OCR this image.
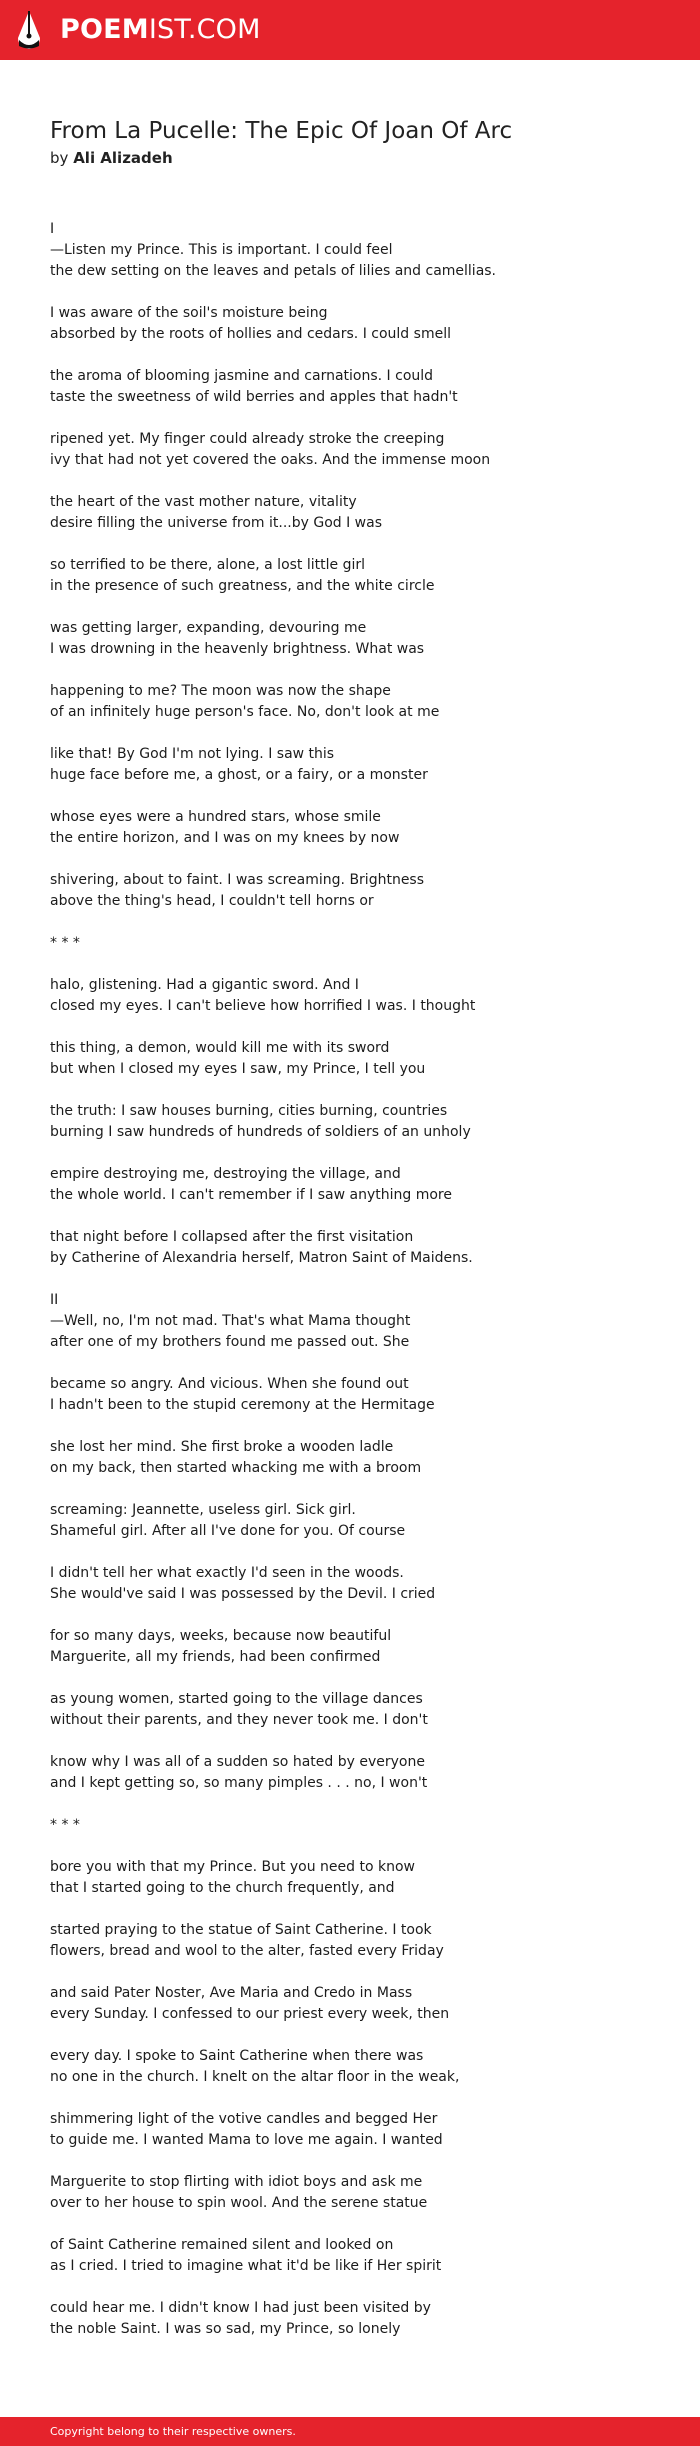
POEMIST.COM
From La Pucelle: The Epic Of Joan Of Arc
by Ali Alizadeh
I
—Listen my Prince. This is important. I could feel
the dew setting on the leaves and petals of lilies and camellias.
I was aware of the soil's moisture being
absorbed by the roots of hollies and cedars. I could smell
the aroma of blooming jasmine and carnations. I could
taste the sweetness of wild berries and apples that hadn't
ripened yet. My finger could already stroke the creeping
ivy that had not yet covered the oaks. And the immense moon
the heart of the vast mother nature, vitality
desire filling the universe from it...by God I was
so terrified to be there, alone, a lost little girl
in the presence of such greatness, and the white circle
was getting larger, expanding, devouring me
I was drowning in the heavenly brightness. What was
happening to me? The moon was now the shape
of an infinitely huge person's face. No, don't look at me
like that! By God I'm not lying. I saw this
huge face before me, a ghost, or a fairy, or a monster
whose eyes were a hundred stars, whose smile
the entire horizon, and I was on my knees by now
shivering, about to faint. I was screaming. Brightness
above the thing's head, I couldn't tell horns or
* * *
halo, glistening. Had a gigantic sword. And I
closed my eyes. I can't believe how horrified I was. I thought
this thing, a demon, would kill me with its sword
but when I closed my eyes I saw, my Prince, I tell you
the truth: I saw houses burning, cities burning, countries
burning I saw hundreds of hundreds of soldiers of an unholy
empire destroying me, destroying the village, and
the whole world. I can't remember if I saw anything more
that night before I collapsed after the first visitation
by Catherine of Alexandria herself, Matron Saint of Maidens.
II
—Well, no, I'm not mad. That's what Mama thought
after one of my brothers found me passed out. She
became so angry. And vicious. When she found out
I hadn't been to the stupid ceremony at the Hermitage
she lost her mind. She first broke a wooden ladle
on my back, then started whacking me with a broom
screaming: Jeannette, useless girl. Sick girl.
Shameful girl. After all I've done for you. Of course
I didn't tell her what exactly I'd seen in the woods.
She would've said I was possessed by the Devil. I cried
for so many days, weeks, because now beautiful
Marguerite, all my friends, had been confirmed
as young women, started going to the village dances
without their parents, and they never took me. I don't
know why I was all of a sudden so hated by everyone
and I kept getting so, so many pimples . . . no, I won't
* * *
bore you with that my Prince. But you need to know
that I started going to the church frequently, and
started praying to the statue of Saint Catherine. I took
flowers, bread and wool to the alter, fasted every Friday
and said Pater Noster, Ave Maria and Credo in Mass
every Sunday. I confessed to our priest every week, then
every day. I spoke to Saint Catherine when there was
no one in the church. I knelt on the altar floor in the weak,
shimmering light of the votive candles and begged Her
to guide me. I wanted Mama to love me again. I wanted
Marguerite to stop flirting with idiot boys and ask me
over to her house to spin wool. And the serene statue
of Saint Catherine remained silent and looked on
as I cried. I tried to imagine what it'd be like if Her spirit
could hear me. I didn't know I had just been visited by
the noble Saint. I was so sad, my Prince, so lonely
Copyright belong to their respective owners.
